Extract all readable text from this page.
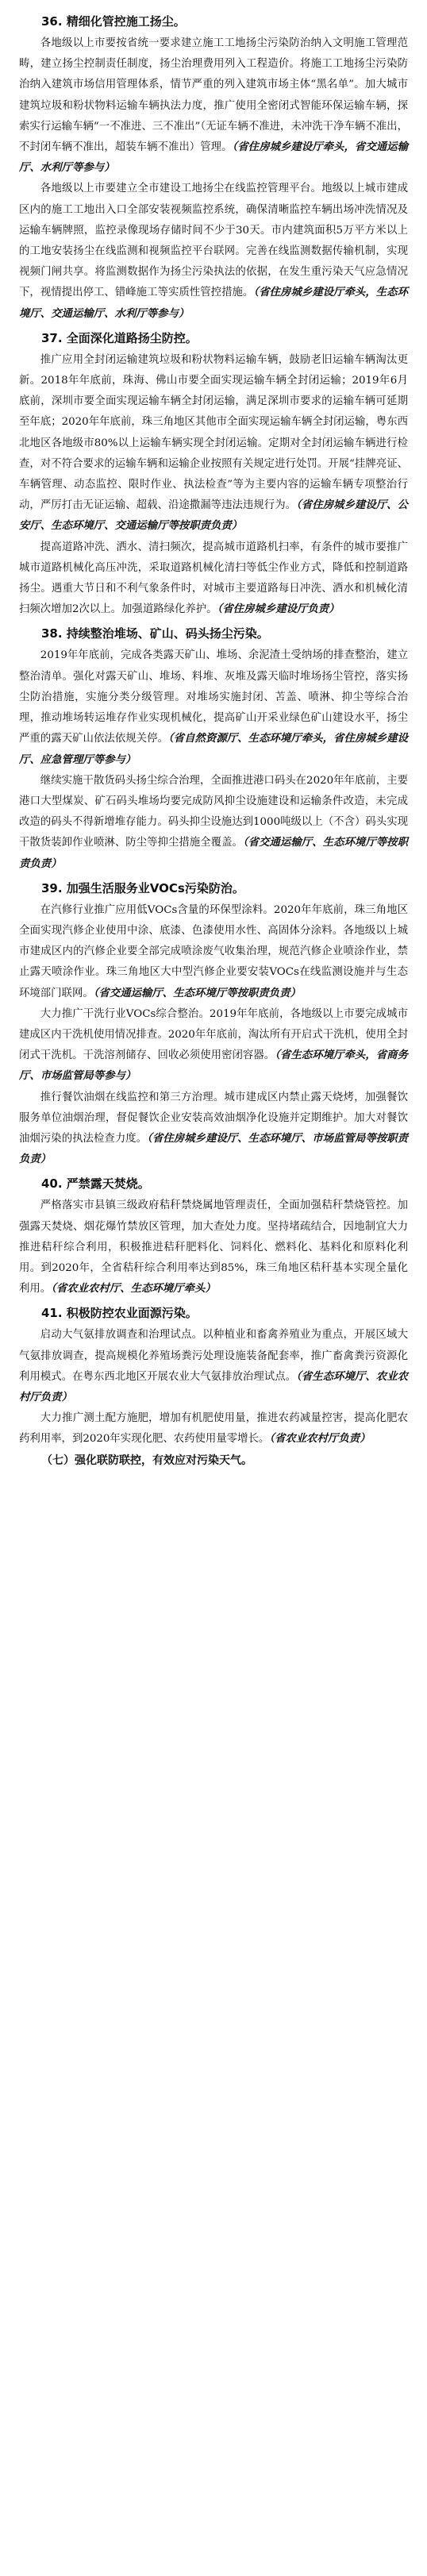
36. 精细化管控施工扬尘。

各地级以上市要按省统一要求建立施工工地扬尘污染防治纳入文明施工管理范畴，建立扬尘控制责任制度，扬尘治理费用列入工程造价。将施工工地扬尘污染防治纳入建筑市场信用管理体系，情节严重的列入建筑市场主体“黑名单”。加大城市建筑垃圾和粉状物料运输车辆执法力度，推广使用全密闭式智能环保运输车辆，探索实行运输车辆“一不准进、三不准出”（无证车辆不准进，未冲洗干净车辆不准出，不封闭车辆不准出，超装车辆不准出）管理。（省住房城乡建设厅牵头，省交通运输厅、水利厅等参与）

各地级以上市要建立全市建设工地扬尘在线监控管理平台。地级以上城市建成区内的施工工地出入口全部安装视频监控系统，确保清晰监控车辆出场冲洗情况及运输车辆牌照，监控录像现场存储时间不少于30天。市内建筑面积5万平方米以上的工地安装扬尘在线监测和视频监控平台联网。完善在线监测数据传输机制，实现视频门闸共享。将监测数据作为扬尘污染执法的依据，在发生重污染天气应急情况下，视情提出停工、错峰施工等实质性管控措施。（省住房城乡建设厅牵头，生态环境厅、交通运输厅、水利厅等参与）

37. 全面深化道路扬尘防控。

推广应用全封闭运输建筑垃圾和粉状物料运输车辆，鼓励老旧运输车辆淘汰更新。2018年年底前，珠海、佛山市要全面实现运输车辆全封闭运输；2019年6月底前，深圳市要全面实现运输车辆全封闭运输，满足深圳市要求的运输车辆可延期至年底；2020年年底前，珠三角地区其他市全面实现运输车辆全封闭运输，粤东西北地区各地级市80%以上运输车辆实现全封闭运输。定期对全封闭运输车辆进行检查，对不符合要求的运输车辆和运输企业按照有关规定进行处罚。开展“挂牌亮证、车辆管理、动态监控、限时作业、执法检查”等为主要内容的运输车辆专项整治行动，严厉打击无证运输、超载、沿途撒漏等违法违规行为。（省住房城乡建设厅、公安厅、生态环境厅、交通运输厅等按职责负责）

提高道路冲洗、洒水、清扫频次，提高城市道路机扫率，有条件的城市要推广城市道路机械化高压冲洗，采取道路机械化清扫等低尘作业方式，降低和控制道路扬尘。遇重大节日和不利气象条件时，对城市主要道路每日冲洗、洒水和机械化清扫频次增加2次以上。加强道路绿化养护。（省住房城乡建设厅负责）

38. 持续整治堆场、矿山、码头扬尘污染。

2019年年底前，完成各类露天矿山、堆场、余泥渣土受纳场的排查整治，建立整治清单。强化对露天矿山、堆场、料堆、灰堆及露天临时堆场扬尘管控，落实扬尘防治措施，实施分类分级管理。对堆场实施封闭、苫盖、喷淋、抑尘等综合治理，推动堆场转运堆存作业实现机械化，提高矿山开采业绿色矿山建设水平，扬尘严重的露天矿山依法依规关停。（省自然资源厅、生态环境厅牵头，省住房城乡建设厅、应急管理厅等参与）

继续实施干散货码头扬尘综合治理，全面推进港口码头在2020年年底前，主要港口大型煤炭、矿石码头堆场均要完成防风抑尘设施建设和运输条件改造，未完成改造的码头不得新增堆存能力。码头抑尘设施达到1000吨级以上（不含）码头实现干散货装卸作业喷淋、防尘等抑尘措施全覆盖。（省交通运输厅、生态环境厅等按职责负责）

39. 加强生活服务业VOCs污染防治。

在汽修行业推广应用低VOCs含量的环保型涂料。2020年年底前，珠三角地区全面实现汽修企业使用中涂、底漆、色漆使用水性、高固体分涂料。各地级以上城市建成区内的汽修企业要全部完成喷涂废气收集治理，规范汽修企业喷涂作业，禁止露天喷涂作业。珠三角地区大中型汽修企业要安装VOCs在线监测设施并与生态环境部门联网。（省交通运输厅、生态环境厅等按职责负责）

大力推广干洗行业VOCs综合整治。2019年年底前，各地级以上市要完成城市建成区内干洗机使用情况排查。2020年年底前，淘汰所有开启式干洗机，使用全封闭式干洗机。干洗溶剂储存、回收必须使用密闭容器。（省生态环境厅牵头，省商务厅、市场监管局等参与）

推行餐饮油烟在线监控和第三方治理。城市建成区内禁止露天烧烤，加强餐饮服务单位油烟治理，督促餐饮企业安装高效油烟净化设施并定期维护。加大对餐饮油烟污染的执法检查力度。（省住房城乡建设厅、生态环境厅、市场监管局等按职责负责）

40. 严禁露天焚烧。

严格落实市县镇三级政府秸秆禁烧属地管理责任，全面加强秸秆禁烧管控。加强露天焚烧、烟花爆竹禁放区管理，加大查处力度。坚持堵疏结合，因地制宜大力推进秸秆综合利用，积极推进秸秆肥料化、饲料化、燃料化、基料化和原料化利用。到2020年，全省秸秆综合利用率达到85%，珠三角地区秸秆基本实现全量化利用。（省农业农村厅、生态环境厅牵头）

41. 积极防控农业面源污染。

启动大气氨排放调查和治理试点。以种植业和畜禽养殖业为重点，开展区域大气氨排放调查，提高规模化养殖场粪污处理设施装备配套率，推广畜禽粪污资源化利用模式。在粤东西北地区开展农业大气氨排放治理试点。（省生态环境厅、农业农村厅负责）

大力推广测土配方施肥，增加有机肥使用量，推进农药减量控害，提高化肥农药利用率，到2020年实现化肥、农药使用量零增长。（省农业农村厅负责）

（七）强化联防联控，有效应对污染天气。
